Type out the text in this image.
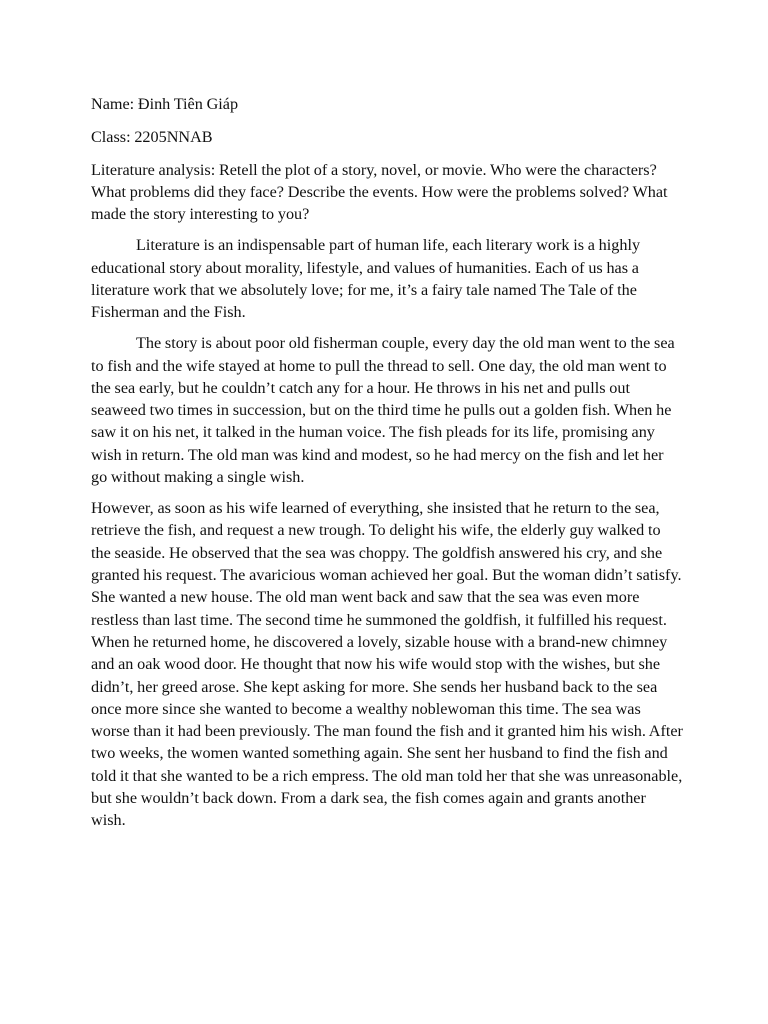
Name: Đinh Tiên Giáp

Class: 2205NNAB

Literature analysis: Retell the plot of a story, novel, or movie. Who were the characters? What problems did they face? Describe the events. How were the problems solved? What made the story interesting to you?

Literature is an indispensable part of human life, each literary work is a highly educational story about morality, lifestyle, and values of humanities. Each of us has a literature work that we absolutely love; for me, it’s a fairy tale named The Tale of the Fisherman and the Fish.

The story is about poor old fisherman couple, every day the old man went to the sea to fish and the wife stayed at home to pull the thread to sell. One day, the old man went to the sea early, but he couldn’t catch any for a hour. He throws in his net and pulls out seaweed two times in succession, but on the third time he pulls out a golden fish. When he saw it on his net, it talked in the human voice. The fish pleads for its life, promising any wish in return. The old man was kind and modest, so he had mercy on the fish and let her go without making a single wish.

However, as soon as his wife learned of everything, she insisted that he return to the sea, retrieve the fish, and request a new trough. To delight his wife, the elderly guy walked to the seaside. He observed that the sea was choppy. The goldfish answered his cry, and she granted his request. The avaricious woman achieved her goal. But the woman didn’t satisfy. She wanted a new house. The old man went back and saw that the sea was even more restless than last time. The second time he summoned the goldfish, it fulfilled his request. When he returned home, he discovered a lovely, sizable house with a brand-new chimney and an oak wood door. He thought that now his wife would stop with the wishes, but she didn’t, her greed arose. She kept asking for more. She sends her husband back to the sea once more since she wanted to become a wealthy noblewoman this time. The sea was worse than it had been previously. The man found the fish and it granted him his wish. After two weeks, the women wanted something again. She sent her husband to find the fish and told it that she wanted to be a rich empress. The old man told her that she was unreasonable, but she wouldn’t back down. From a dark sea, the fish comes again and grants another wish.
